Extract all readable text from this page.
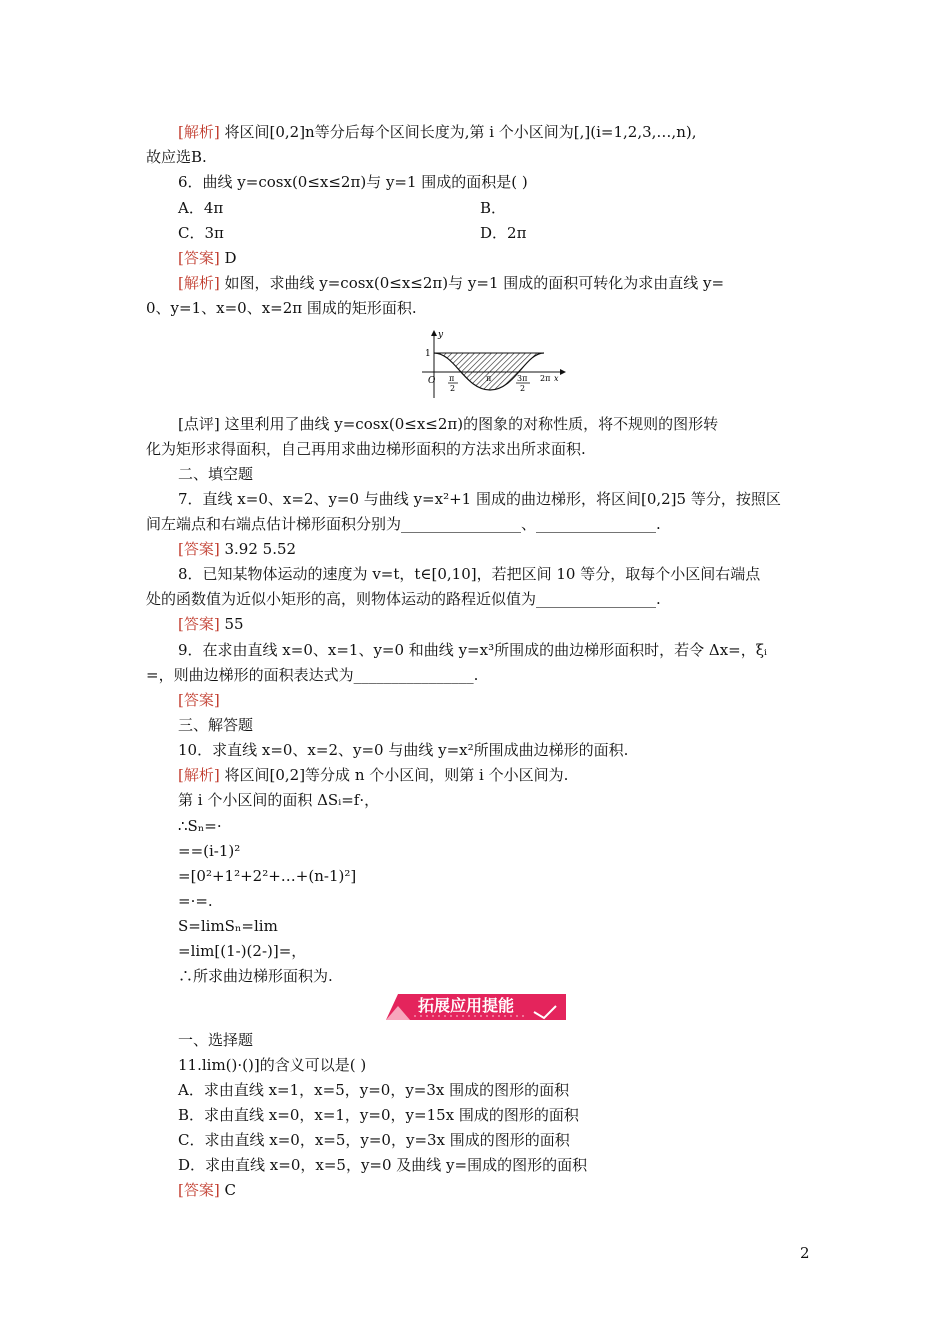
[解析] 将区间[0,2]n等分后每个区间长度为,第 i 个小区间为[,](i=1,2,3,…,n),
故应选B.
6．曲线 y=cosx(0≤x≤2π)与 y=1 围成的面积是( )
A．4π	B．
C．3π	D．2π
[答案] D
[解析] 如图，求曲线 y=cosx(0≤x≤2π)与 y=1 围成的面积可转化为求由直线 y=
0、y=1、x=0、x=2π 围成的矩形面积.
y
1
O π
2
π	3π
2
2π x
[点评] 这里利用了曲线 y=cosx(0≤x≤2π)的图象的对称性质，将不规则的图形转
化为矩形求得面积，自己再用求曲边梯形面积的方法求出所求面积.
二、填空题
7．直线 x=0、x=2、y=0 与曲线 y=x²+1 围成的曲边梯形，将区间[0,2]5 等分，按照区
间左端点和右端点估计梯形面积分别为________________、________________.
[答案] 3.92 5.52
8．已知某物体运动的速度为 v=t，t∈[0,10]，若把区间 10 等分，取每个小区间右端点
处的函数值为近似小矩形的高，则物体运动的路程近似值为________________.
[答案] 55
9．在求由直线 x=0、x=1、y=0 和曲线 y=x³所围成的曲边梯形面积时，若令 Δx=，ξᵢ
=，则曲边梯形的面积表达式为________________.
[答案]
三、解答题
10．求直线 x=0、x=2、y=0 与曲线 y=x²所围成曲边梯形的面积.
[解析] 将区间[0,2]等分成 n 个小区间，则第 i 个小区间为.
第 i 个小区间的面积 ΔSᵢ=f·，
∴Sₙ=·
==(i-1)²
=[0²+1²+2²+…+(n-1)²]
=·=.
S=limSₙ=lim
=lim[(1-)(2-)]=，
∴所求曲边梯形面积为.
拓展应用提能
一、选择题
11.lim()·()]的含义可以是( )
A．求由直线 x=1，x=5，y=0，y=3x 围成的图形的面积
B．求由直线 x=0，x=1，y=0，y=15x 围成的图形的面积
C．求由直线 x=0，x=5，y=0，y=3x 围成的图形的面积
D．求由直线 x=0，x=5，y=0 及曲线 y=围成的图形的面积
[答案] C
2
